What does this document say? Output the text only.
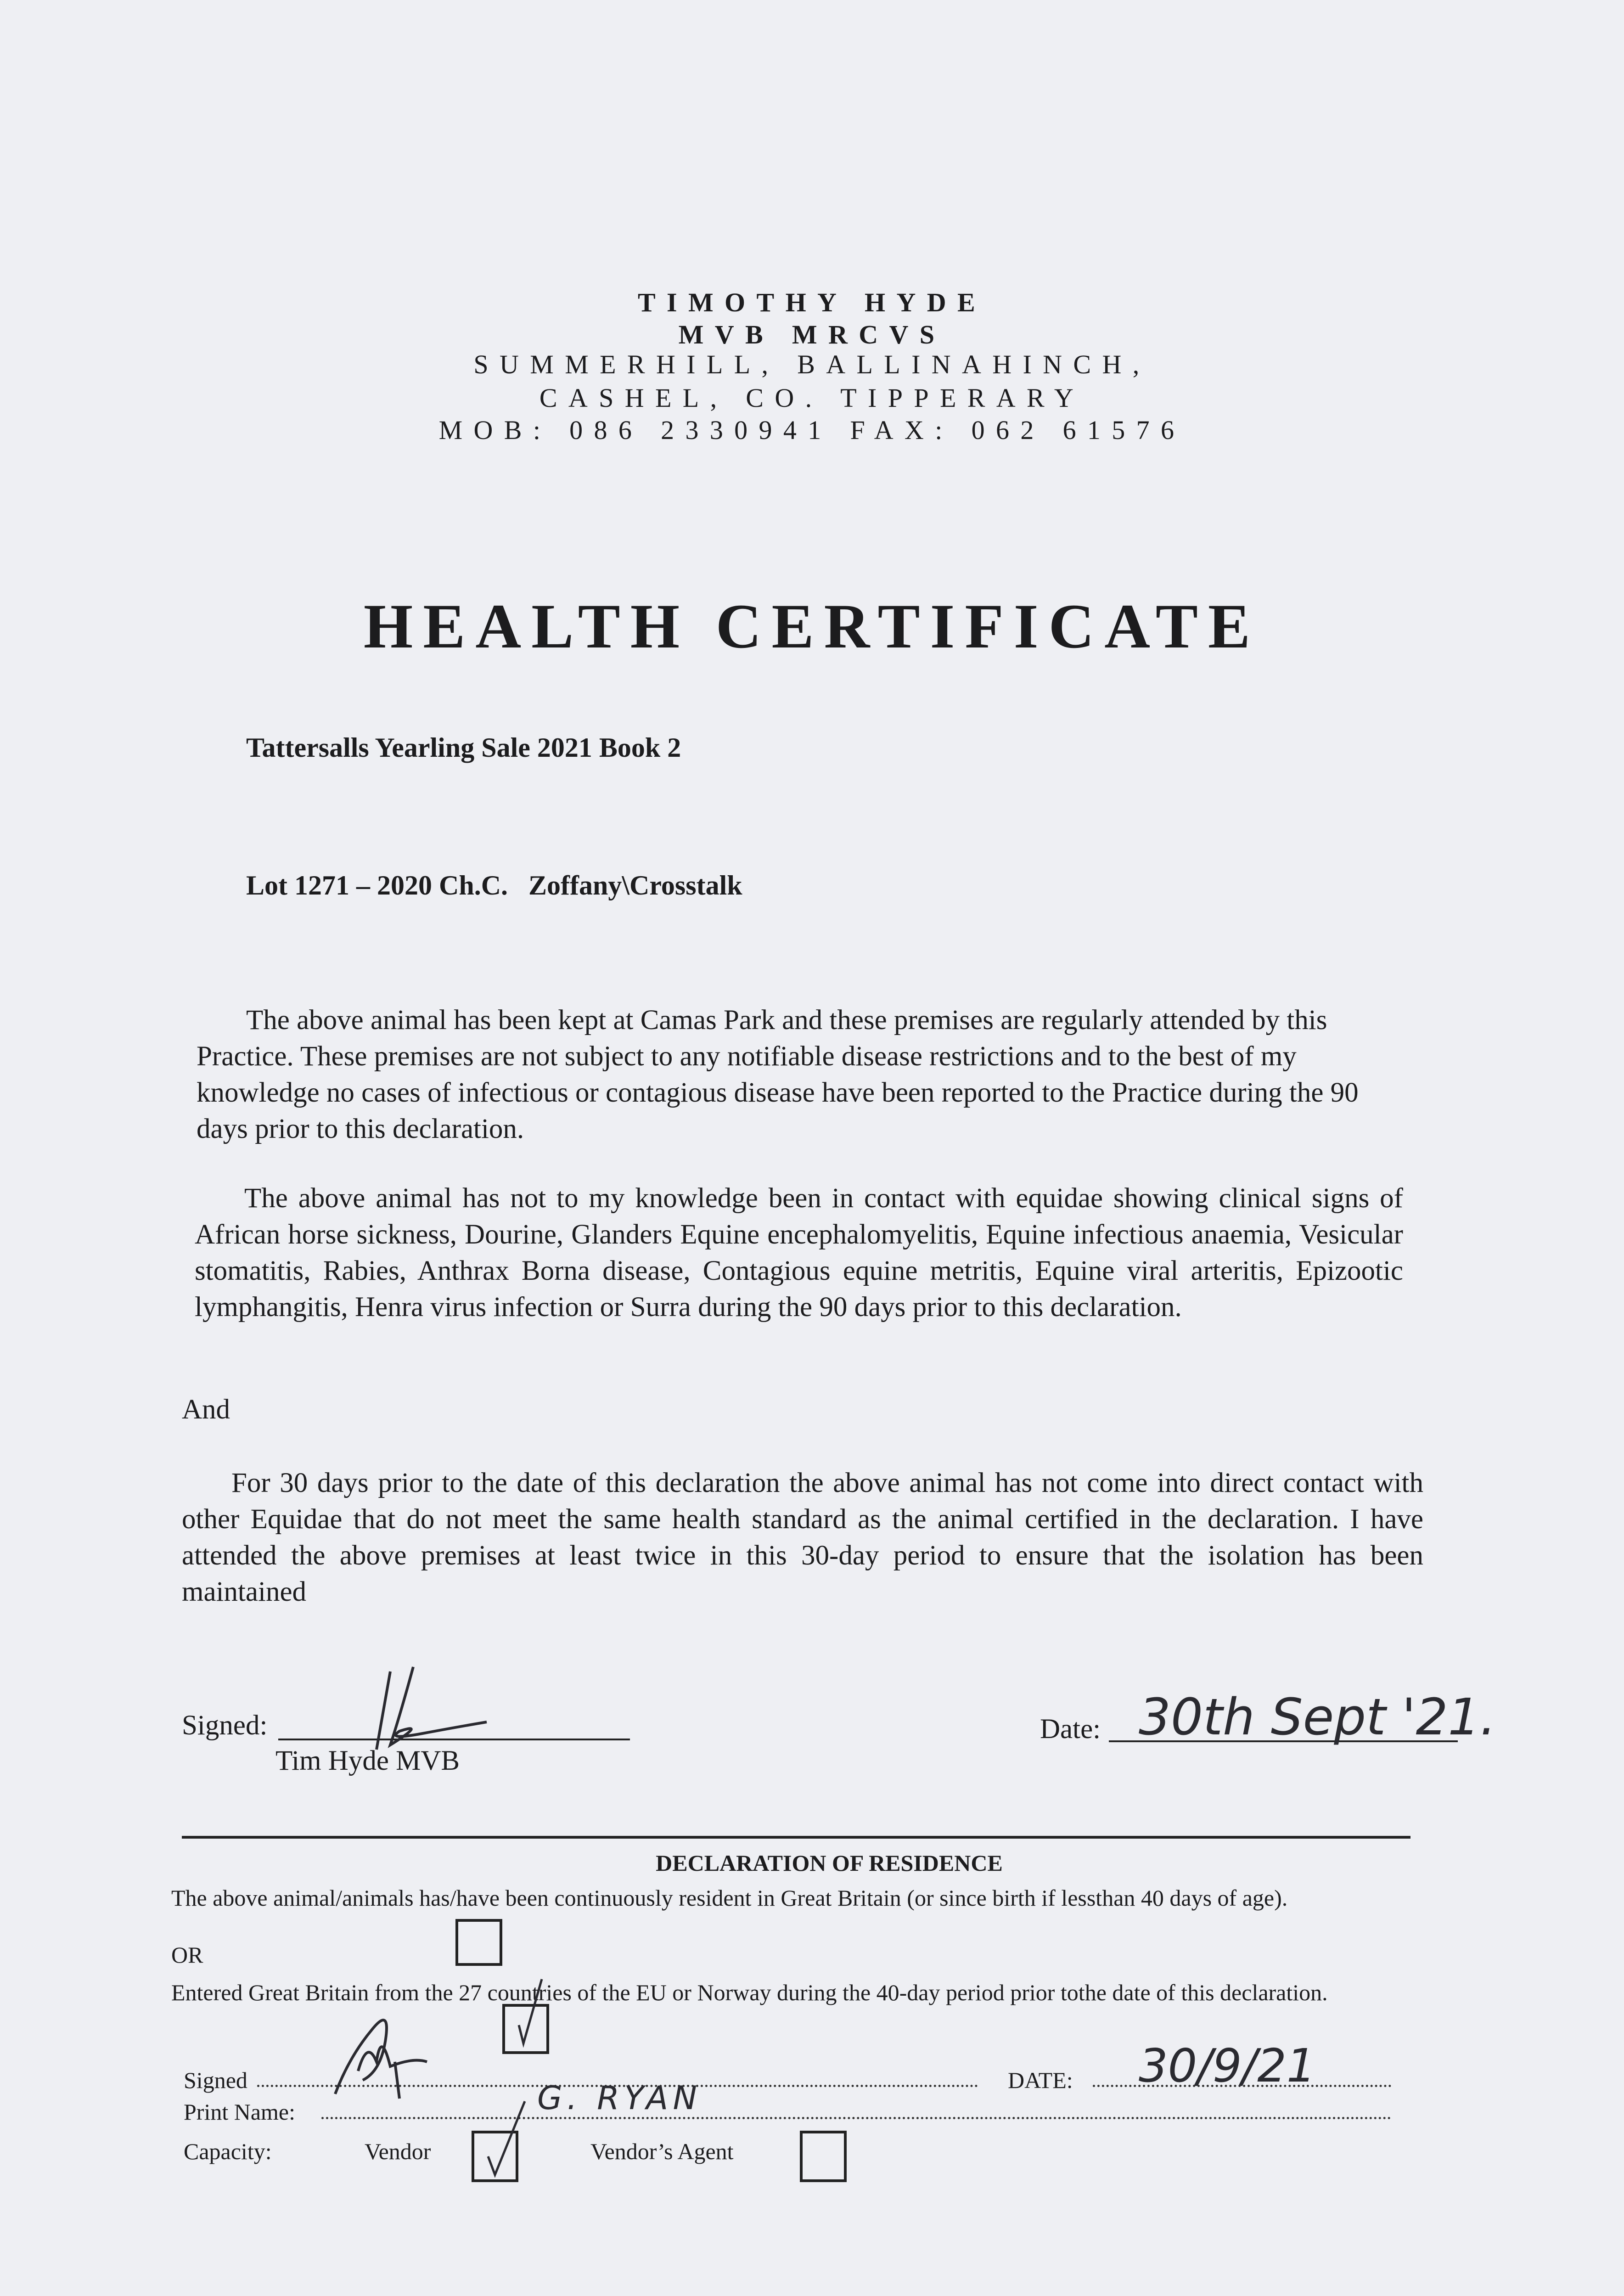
TIMOTHY HYDE
MVB MRCVS
SUMMERHILL, BALLINAHINCH,
CASHEL, CO. TIPPERARY
MOB: 086 2330941 FAX: 062 61576
HEALTH CERTIFICATE
Tattersalls Yearling Sale 2021 Book 2
Lot 1271 – 2020 Ch.C.   Zoffany\Crosstalk
The above animal has been kept at Camas Park and these premises are regularly attended by this Practice. These premises are not subject to any notifiable disease restrictions and to the best of my knowledge no cases of infectious or contagious disease have been reported to the Practice during the 90 days prior to this declaration.
The above animal has not to my knowledge been in contact with equidae showing clinical signs of African horse sickness, Dourine, Glanders Equine encephalomyelitis, Equine infectious anaemia, Vesicular stomatitis, Rabies, Anthrax Borna disease, Contagious equine metritis, Equine viral arteritis, Epizootic lymphangitis, Henra virus infection or Surra during the 90 days prior to this declaration.
And
For 30 days prior to the date of this declaration the above animal has not come into direct contact with other Equidae that do not meet the same health standard as the animal certified in the declaration. I have attended the above premises at least twice in this 30-day period to ensure that the isolation has been maintained
Signed:
Tim Hyde MVB
Date: 30th Sept '21.
DECLARATION OF RESIDENCE
The above animal/animals has/have been continuously resident in Great Britain (or since birth if lessthan 40 days of age).
OR
Entered Great Britain from the 27 countries of the EU or Norway during the 40-day period prior tothe date of this declaration.
Signed	DATE: 30/9/21
Print Name:	G. RYAN
Capacity:	Vendor	Vendor’s Agent
